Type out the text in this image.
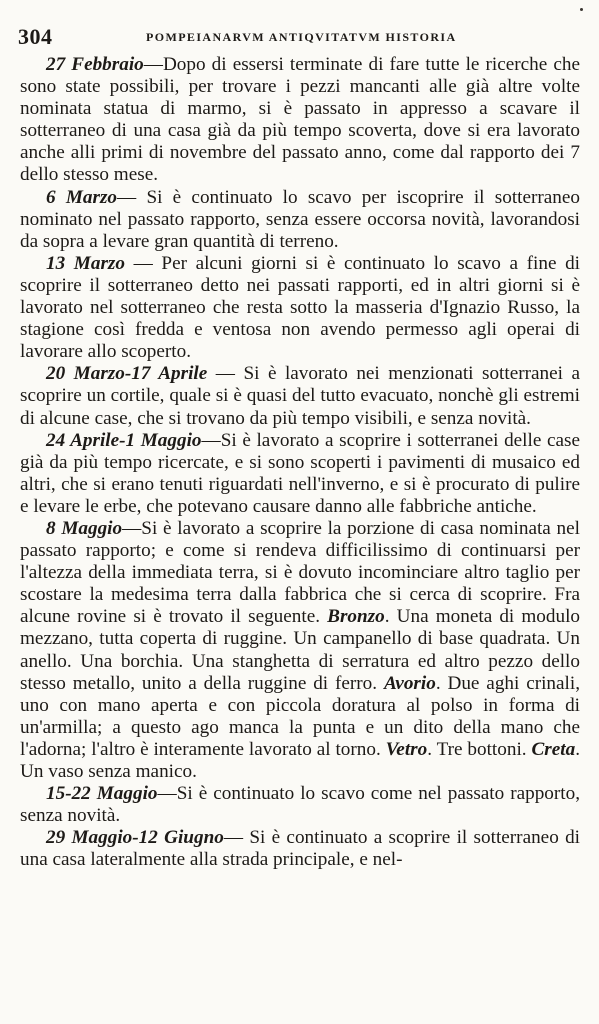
304	POMPEIANARVM ANTIQVITATVM HISTORIA

27 Febbraio—Dopo di essersi terminate di fare tutte le ricerche che sono state possibili, per trovare i pezzi mancanti alle già altre volte nominata statua di marmo, si è passato in appresso a scavare il sotterraneo di una casa già da più tempo scoverta, dove si era lavorato anche alli primi di novembre del passato anno, come dal rapporto dei 7 dello stesso mese.

6 Marzo— Si è continuato lo scavo per iscoprire il sotterraneo nominato nel passato rapporto, senza essere occorsa novità, lavorandosi da sopra a levare gran quantità di terreno.

13 Marzo — Per alcuni giorni si è continuato lo scavo a fine di scoprire il sotterraneo detto nei passati rapporti, ed in altri giorni si è lavorato nel sotterraneo che resta sotto la masseria d'Ignazio Russo, la stagione così fredda e ventosa non avendo permesso agli operai di lavorare allo scoperto.

20 Marzo-17 Aprile — Si è lavorato nei menzionati sotterranei a scoprire un cortile, quale si è quasi del tutto evacuato, nonchè gli estremi di alcune case, che si trovano da più tempo visibili, e senza novità.

24 Aprile-1 Maggio—Si è lavorato a scoprire i sotterranei delle case già da più tempo ricercate, e si sono scoperti i pavimenti di musaico ed altri, che si erano tenuti riguardati nell'inverno, e si è procurato di pulire e levare le erbe, che potevano causare danno alle fabbriche antiche.

8 Maggio—Si è lavorato a scoprire la porzione di casa nominata nel passato rapporto; e come si rendeva difficilissimo di continuarsi per l'altezza della immediata terra, si è dovuto incominciare altro taglio per scostare la medesima terra dalla fabbrica che si cerca di scoprire. Fra alcune rovine si è trovato il seguente. Bronzo. Una moneta di modulo mezzano, tutta coperta di ruggine. Un campanello di base quadrata. Un anello. Una borchia. Una stanghetta di serratura ed altro pezzo dello stesso metallo, unito a della ruggine di ferro. Avorio. Due aghi crinali, uno con mano aperta e con piccola doratura al polso in forma di un'armilla; a questo ago manca la punta e un dito della mano che l'adorna; l'altro è interamente lavorato al torno. Vetro. Tre bottoni. Creta. Un vaso senza manico.

15-22 Maggio—Si è continuato lo scavo come nel passato rapporto, senza novità.

29 Maggio-12 Giugno— Si è continuato a scoprire il sotterraneo di una casa lateralmente alla strada principale, e nel-
